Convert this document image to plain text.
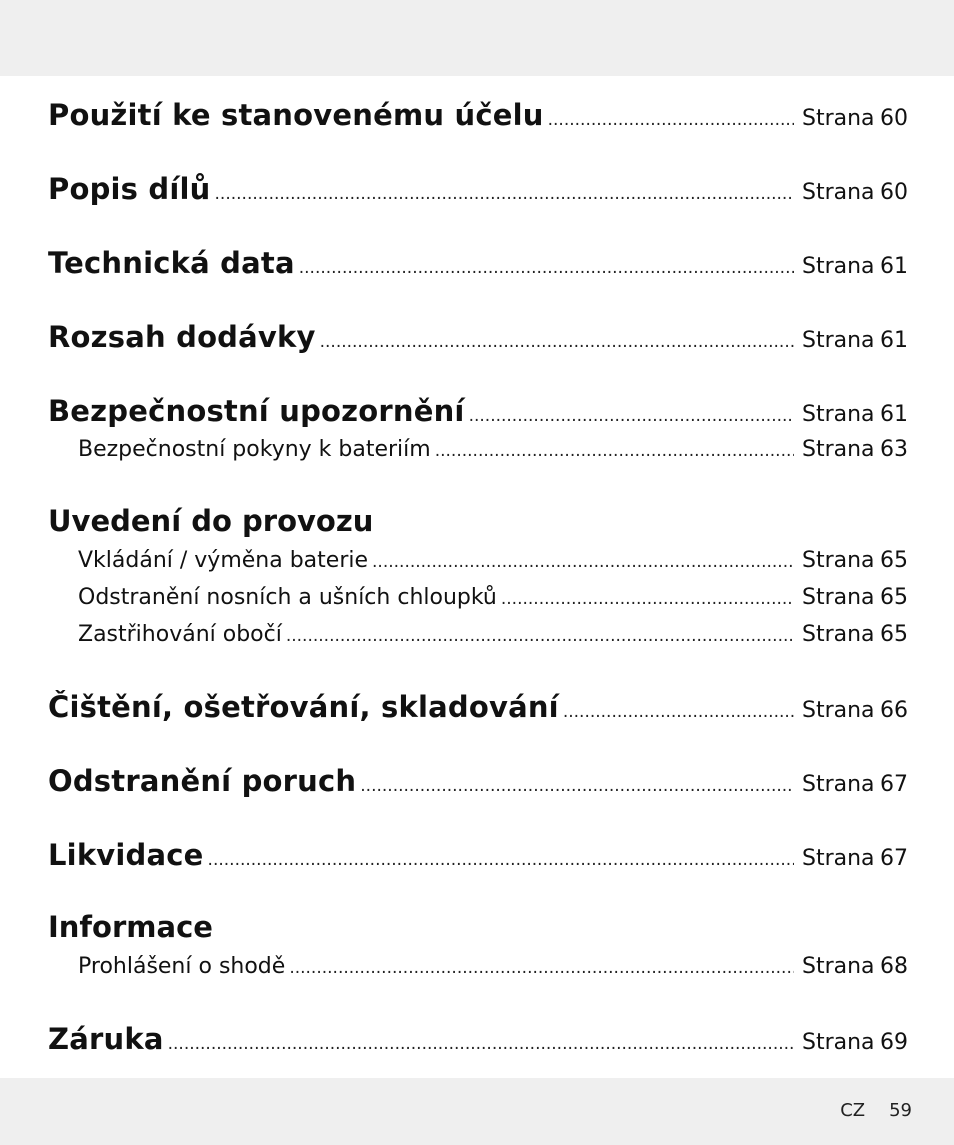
Použití ke stanovenému účelu .....	Strana 60
Popis dílů .....	Strana 60
Technická data .....	Strana 61
Rozsah dodávky .....	Strana 61
Bezpečnostní upozornění .....	Strana 61
Bezpečnostní pokyny k bateriím .....	Strana 63
Uvedení do provozu
Vkládání / výměna baterie .....	Strana 65
Odstranění nosních a ušních chloupků .....	Strana 65
Zastřihování obočí .....	Strana 65
Čištění, ošetřování, skladování .....	Strana 66
Odstranění poruch .....	Strana 67
Likvidace .....	Strana 67
Informace
Prohlášení o shodě .....	Strana 68
Záruka .....	Strana 69
CZ 59
